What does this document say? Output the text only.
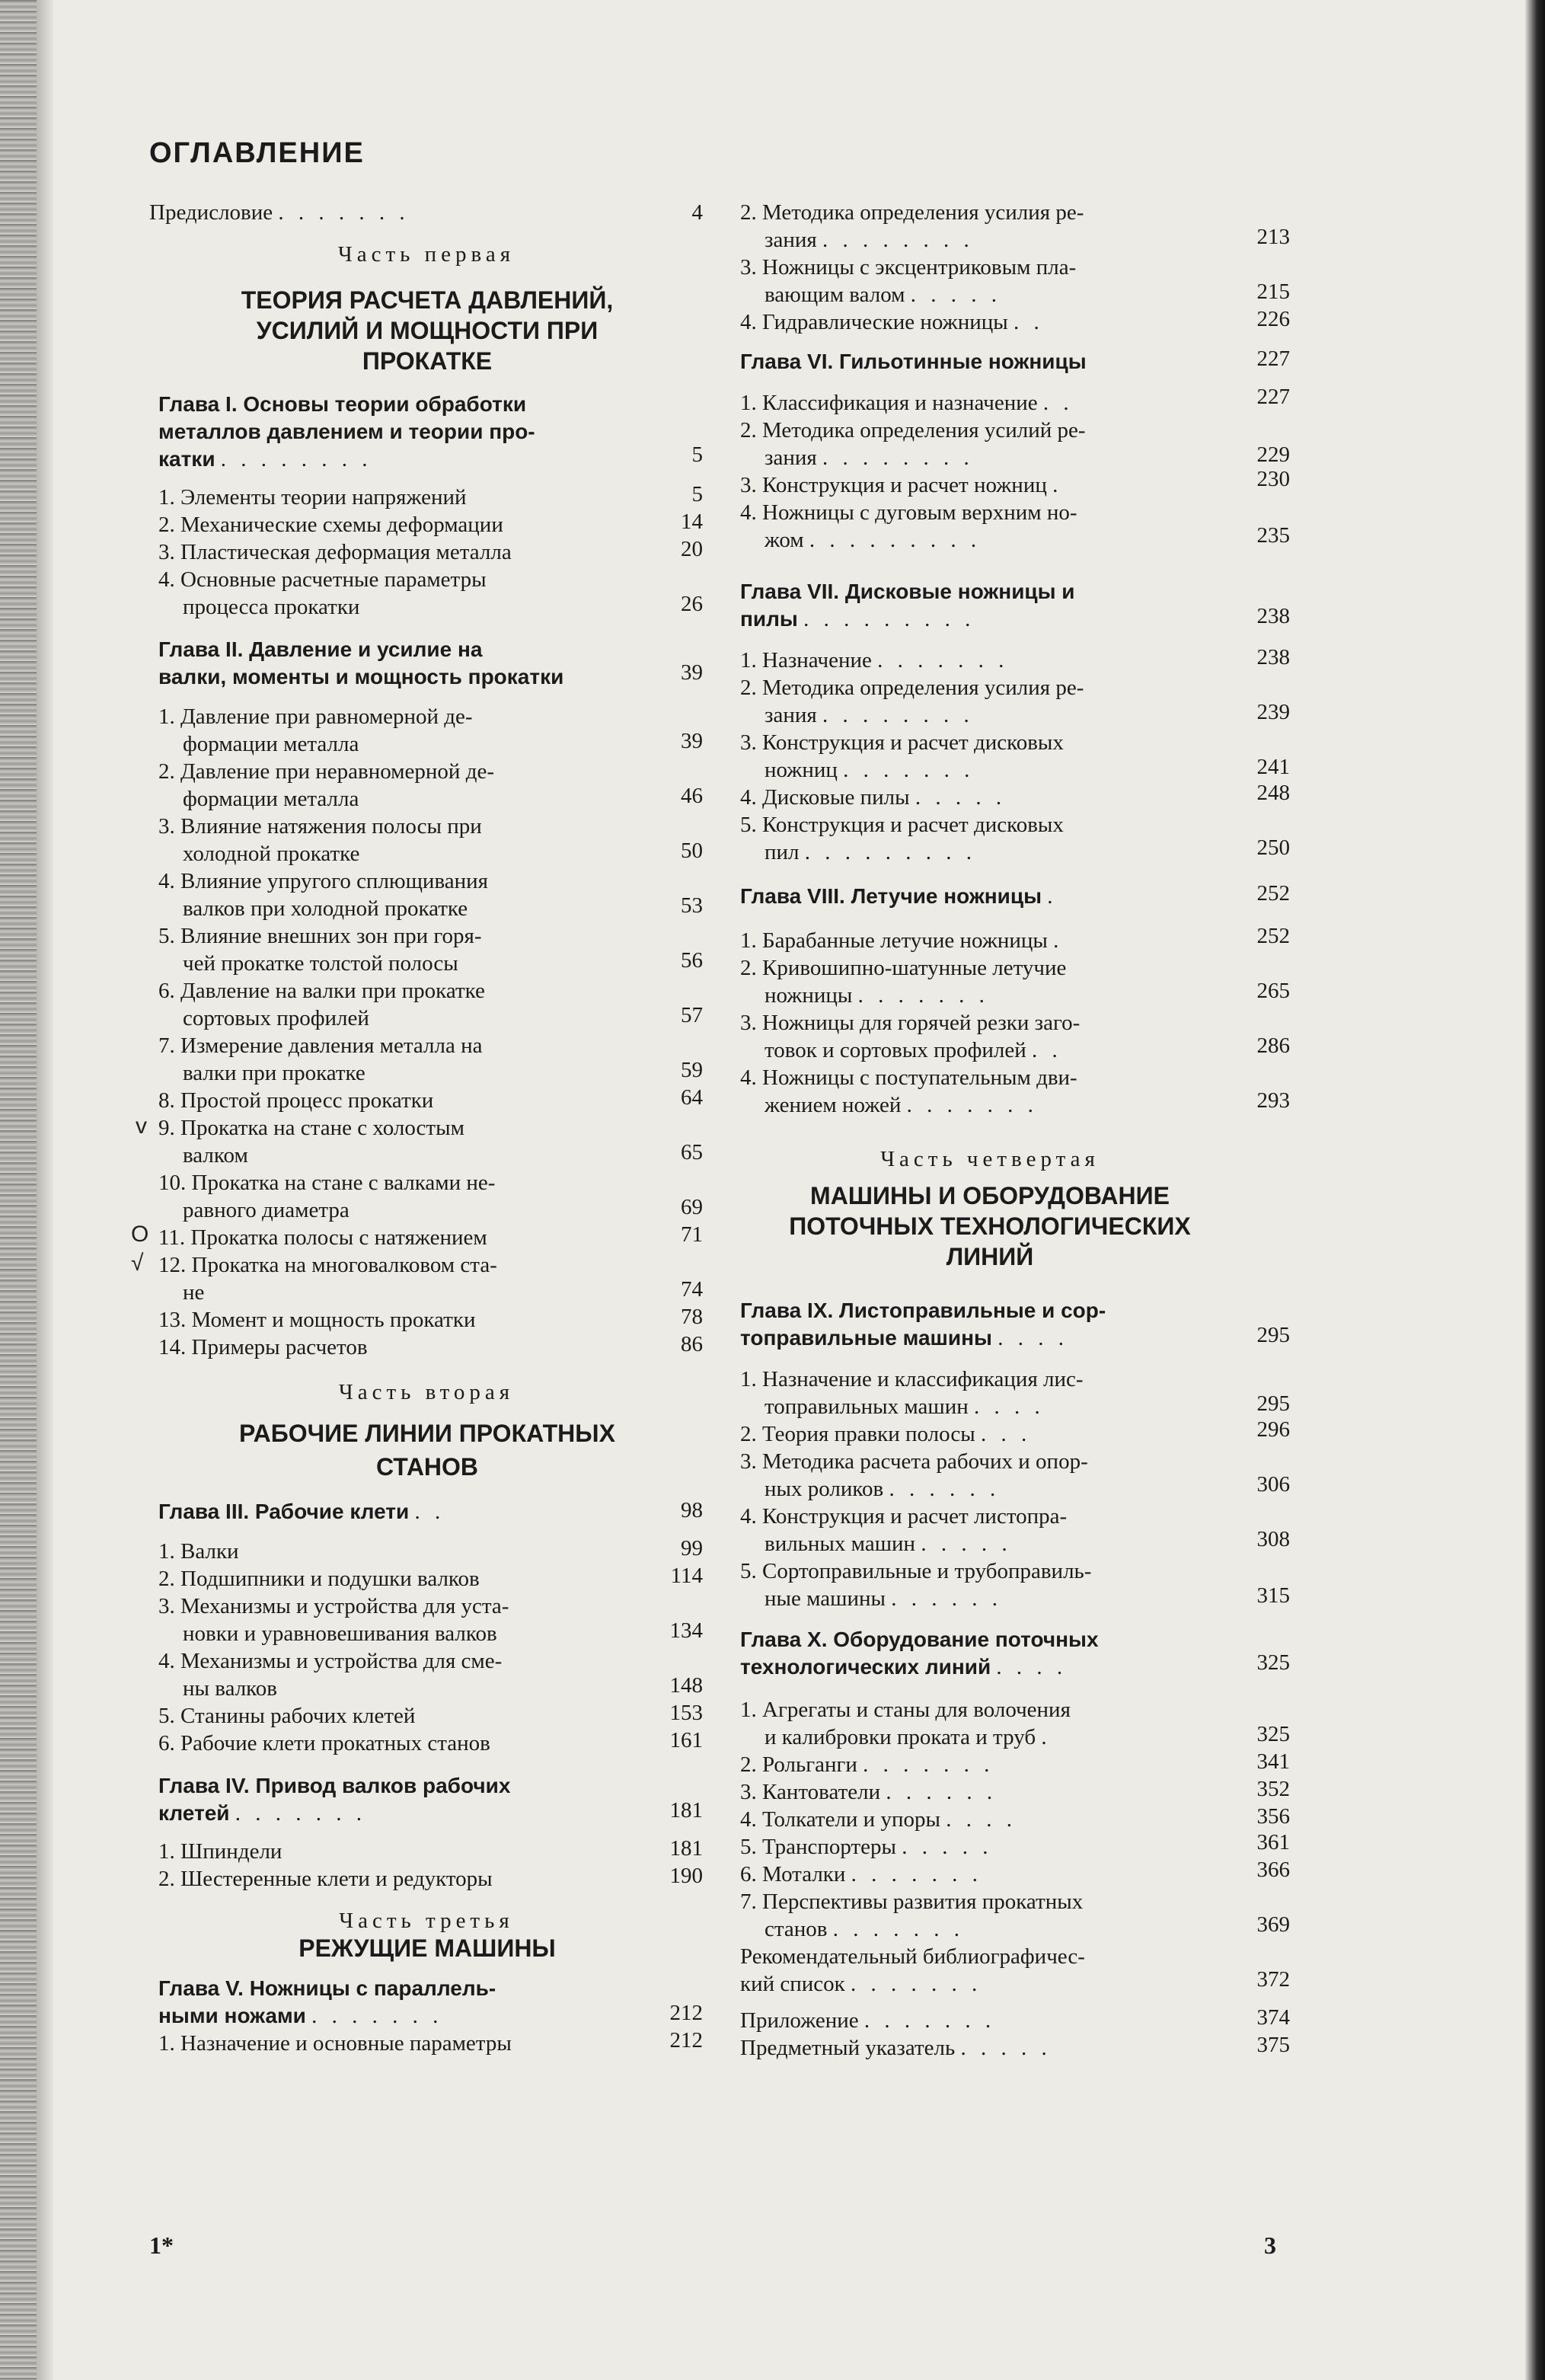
ОГЛАВЛЕНИЕ
Предисловие . . . . . . .	4
Часть первая
ТЕОРИЯ РАСЧЕТА ДАВЛЕНИЙ,
УСИЛИЙ И МОЩНОСТИ ПРИ
ПРОКАТКЕ
Глава I. Основы теории обработки
металлов давлением и теории про-
катки . . . . . . . .	5
1. Элементы теории напряжений	5
2. Механические схемы деформации	14
3. Пластическая деформация металла	20
4. Основные расчетные параметры
процесса прокатки	26
Глава II. Давление и усилие на
валки, моменты и мощность прокатки	39
1. Давление при равномерной де-
формации металла	39
2. Давление при неравномерной де-
формации металла	46
3. Влияние натяжения полосы при
холодной прокатке	50
4. Влияние упругого сплющивания
валков при холодной прокатке	53
5. Влияние внешних зон при горя-
чей прокатке толстой полосы	56
6. Давление на валки при прокатке
сортовых профилей	57
7. Измерение давления металла на
валки при прокатке	59
8. Простой процесс прокатки	64
v 9. Прокатка на стане с холостым
валком	65
10. Прокатка на стане с валками не-
равного диаметра	69
О 11. Прокатка полосы с натяжением	71
√ 12. Прокатка на многовалковом ста-
не	74
13. Момент и мощность прокатки	78
14. Примеры расчетов	86
Часть вторая
РАБОЧИЕ ЛИНИИ ПРОКАТНЫХ
СТАНОВ
Глава III. Рабочие клети . .	98
1. Валки	99
2. Подшипники и подушки валков	114
3. Механизмы и устройства для уста-
новки и уравновешивания валков	134
4. Механизмы и устройства для сме-
ны валков	148
5. Станины рабочих клетей	153
6. Рабочие клети прокатных станов	161
Глава IV. Привод валков рабочих
клетей . . . . . . .	181
1. Шпиндели	181
2. Шестеренные клети и редукторы	190
Часть третья
РЕЖУЩИЕ МАШИНЫ
Глава V. Ножницы с параллель-
ными ножами . . . . . . .	212
1. Назначение и основные параметры	212
2. Методика определения усилия ре-
зания . . . . . . . .	213
3. Ножницы с эксцентриковым пла-
вающим валом . . . . .	215
4. Гидравлические ножницы . .	226
Глава VI. Гильотинные ножницы	227
1. Классификация и назначение . .	227
2. Методика определения усилий ре-
зания . . . . . . . .	229
3. Конструкция и расчет ножниц .	230
4. Ножницы с дуговым верхним но-
жом . . . . . . . . .	235
Глава VII. Дисковые ножницы и
пилы . . . . . . . . .	238
1. Назначение . . . . . . .	238
2. Методика определения усилия ре-
зания . . . . . . . .	239
3. Конструкция и расчет дисковых
ножниц . . . . . . .	241
4. Дисковые пилы . . . . .	248
5. Конструкция и расчет дисковых
пил . . . . . . . . .	250
Глава VIII. Летучие ножницы .	252
1. Барабанные летучие ножницы .	252
2. Кривошипно-шатунные летучие
ножницы . . . . . . .	265
3. Ножницы для горячей резки заго-
товок и сортовых профилей . .	286
4. Ножницы с поступательным дви-
жением ножей . . . . . . .	293
Часть четвертая
МАШИНЫ И ОБОРУДОВАНИЕ
ПОТОЧНЫХ ТЕХНОЛОГИЧЕСКИХ
ЛИНИЙ
Глава IX. Листоправильные и сор-
топравильные машины . . . .	295
1. Назначение и классификация лис-
топравильных машин . . . .	295
2. Теория правки полосы . . .	296
3. Методика расчета рабочих и опор-
ных роликов . . . . . .	306
4. Конструкция и расчет листопра-
вильных машин . . . . .	308
5. Сортоправильные и трубоправиль-
ные машины . . . . . .	315
Глава X. Оборудование поточных
технологических линий . . . .	325
1. Агрегаты и станы для волочения
и калибровки проката и труб .	325
2. Рольганги . . . . . . .	341
3. Кантователи . . . . . .	352
4. Толкатели и упоры . . . .	356
5. Транспортеры . . . . .	361
6. Моталки . . . . . . .	366
7. Перспективы развития прокатных
станов . . . . . . .	369
Рекомендательный библиографичес-
кий список . . . . . . .	372
Приложение . . . . . . .	374
Предметный указатель . . . . .	375
1*	3
